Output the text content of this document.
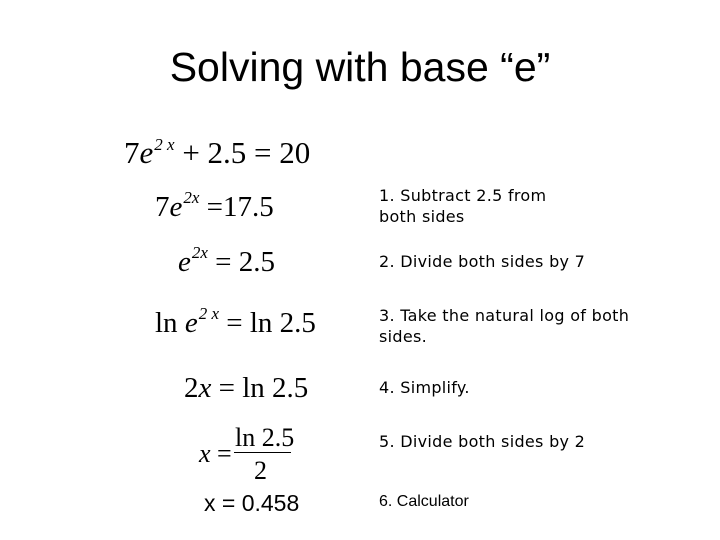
Solving with base “e”
$7e^{2 x} + 2.5 = 20$
$7e^{2x} =17.5$
$e^{2x} = 2.5$
$\ln e^{2 x} = \ln 2.5$
2x = ln 2.5
x =
ln 2.5
2
x = 0.458
1. Subtract 2.5 from both sides
2. Divide both sides by 7
3. Take the natural log of both sides.
4. Simplify.
5. Divide both sides by 2
6. Calculator
